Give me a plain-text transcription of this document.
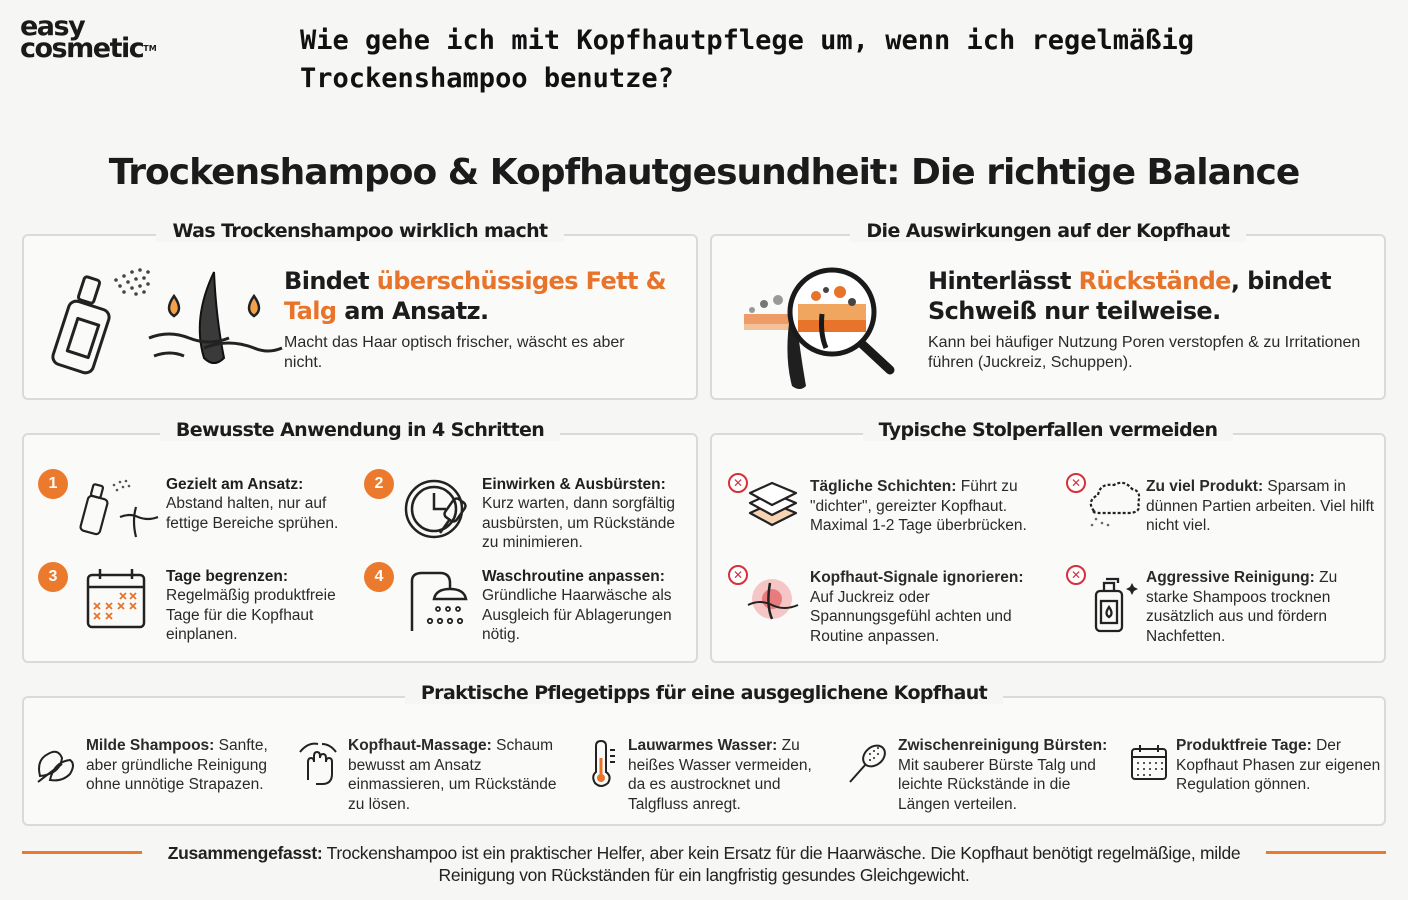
easy
cosmetic™	Wie gehe ich mit Kopfhautpflege um, wenn ich regelmäßig Trockenshampoo benutze?
Trockenshampoo & Kopfhautgesundheit: Die richtige Balance
Was Trockenshampoo wirklich macht
Bindet überschüssiges Fett &
Talg am Ansatz.
Macht das Haar optisch frischer, wäscht es aber nicht.
Die Auswirkungen auf der Kopfhaut
Hinterlässt Rückstände, bindet
Schweiß nur teilweise.
Kann bei häufiger Nutzung Poren verstopfen & zu Irritationen führen (Juckreiz, Schuppen).
Bewusste Anwendung in 4 Schritten
1	Gezielt am Ansatz:
Abstand halten, nur auf fettige Bereiche sprühen.
2	Einwirken & Ausbürsten:
Kurz warten, dann sorgfältig ausbürsten, um Rückstände zu minimieren.
3	Tage begrenzen:
Regelmäßig produktfreie Tage für die Kopfhaut einplanen.
4	Waschroutine anpassen:
Gründliche Haarwäsche als Ausgleich für Ablagerungen nötig.
Typische Stolperfallen vermeiden
✕	Tägliche Schichten: Führt zu "dichter", gereizter Kopfhaut. Maximal 1-2 Tage überbrücken.
✕	Zu viel Produkt: Sparsam in dünnen Partien arbeiten. Viel hilft nicht viel.
✕	Kopfhaut-Signale ignorieren: Auf Juckreiz oder Spannungsgefühl achten und Routine anpassen.
✕	Aggressive Reinigung: Zu starke Shampoos trocknen zusätzlich aus und fördern Nachfetten.
Praktische Pflegetipps für eine ausgeglichene Kopfhaut
Milde Shampoos: Sanfte, aber gründliche Reinigung ohne unnötige Strapazen.
Kopfhaut-Massage: Schaum bewusst am Ansatz einmassieren, um Rückstände zu lösen.
Lauwarmes Wasser: Zu heißes Wasser vermeiden, da es austrocknet und Talgfluss anregt.
Zwischenreinigung Bürsten: Mit sauberer Bürste Talg und leichte Rückstände in die Längen verteilen.
Produktfreie Tage: Der Kopfhaut Phasen zur eigenen Regulation gönnen.
Zusammengefasst: Trockenshampoo ist ein praktischer Helfer, aber kein Ersatz für die Haarwäsche. Die Kopfhaut benötigt regelmäßige, milde Reinigung von Rückständen für ein langfristig gesundes Gleichgewicht.
